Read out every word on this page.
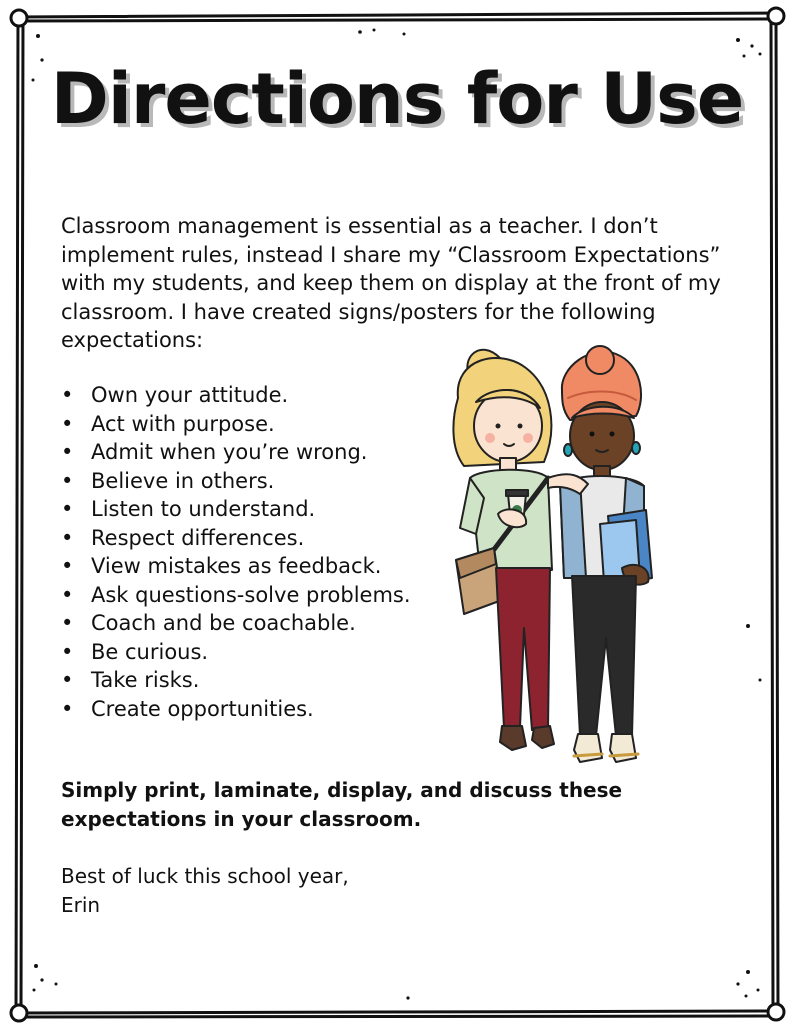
Directions for Use

Classroom management is essential as a teacher. I don’t implement rules, instead I share my “Classroom Expectations” with my students, and keep them on display at the front of my classroom. I have created signs/posters for the following expectations:

• Own your attitude.
• Act with purpose.
• Admit when you’re wrong.
• Believe in others.
• Listen to understand.
• Respect differences.
• View mistakes as feedback.
• Ask questions-solve problems.
• Coach and be coachable.
• Be curious.
• Take risks.
• Create opportunities.

Simply print, laminate, display, and discuss these expectations in your classroom.

Best of luck this school year,
Erin
